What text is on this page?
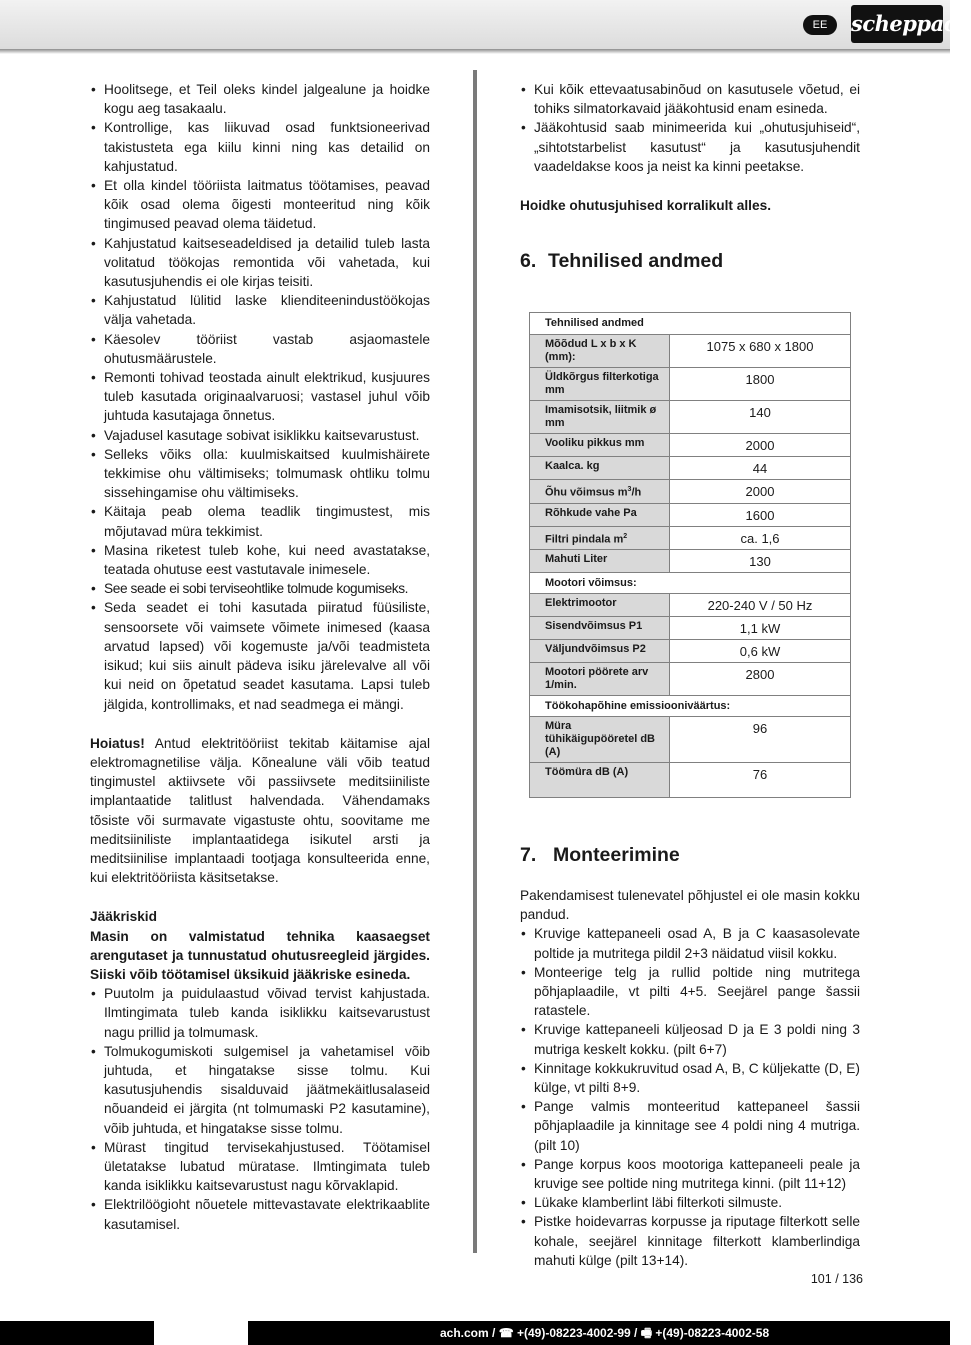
EE	scheppach
• Hoolitsege, et Teil oleks kindel jalgealune ja hoidke kogu aeg tasakaalu.
• Kontrollige, kas liikuvad osad funktsioneerivad takistusteta ega kiilu kinni ning kas detailid on kahjustatud.
• Et olla kindel tööriista laitmatus töötamises, peavad kõik osad olema õigesti monteeritud ning kõik tingimused peavad olema täidetud.
• Kahjustatud kaitseseadeldised ja detailid tuleb lasta volitatud töökojas remontida või vahetada, kui kasutusjuhendis ei ole kirjas teisiti.
• Kahjustatud lülitid laske klienditeenindustöökojas välja vahetada.
• Käesolev tööriist vastab asjaomastele ohutusmäärustele.
• Remonti tohivad teostada ainult elektrikud, kusjuures tuleb kasutada originaalvaruosi; vastasel juhul võib juhtuda kasutajaga õnnetus.
• Vajadusel kasutage sobivat isiklikku kaitsevarustust.
• Selleks võiks olla: kuulmiskaitsed kuulmishäirete tekkimise ohu vältimiseks; tolmumask ohtliku tolmu sissehingamise ohu vältimiseks.
• Käitaja peab olema teadlik tingimustest, mis mõjutavad müra tekkimist.
• Masina riketest tuleb kohe, kui need avastatakse, teatada ohutuse eest vastutavale inimesele.
• See seade ei sobi terviseohtlike tolmude kogumiseks.
• Seda seadet ei tohi kasutada piiratud füüsiliste, sensoorsete või vaimsete võimete inimesed (kaasa arvatud lapsed) või kogemuste ja/või teadmisteta isikud; kui siis ainult pädeva isiku järelevalve all või kui neid on õpetatud seadet kasutama. Lapsi tuleb jälgida, kontrollimaks, et nad seadmega ei mängi.

Hoiatus! Antud elektritööriist tekitab käitamise ajal elektromagnetilise välja. Kõnealune väli võib teatud tingimustel aktiivsete või passiivsete meditsiiniliste implantaatide talitlust halvendada. Vähendamaks tõsiste või surmavate vigastuste ohtu, soovitame me meditsiiniliste implantaatidega isikutel arsti ja meditsiinilise implantaadi tootjaga konsulteerida enne, kui elektritööriista käsitsetakse.

Jääkriskid

Masin on valmistatud tehnika kaasaegset arengutaset ja tunnustatud ohutusreegleid järgides. Siiski võib töötamisel üksikuid jääkriske esineda.

• Puutolm ja puidulaastud võivad tervist kahjustada. Ilmtingimata tuleb kanda isiklikku kaitsevarustust nagu prillid ja tolmumask.
• Tolmukogumiskoti sulgemisel ja vahetamisel võib juhtuda, et hingatakse sisse tolmu. Kui kasutusjuhendis sisalduvaid jäätmekäitlusalaseid nõuandeid ei järgita (nt tolmumaski P2 kasutamine), võib juhtuda, et hingatakse sisse tolmu.
• Mürast tingitud tervisekahjustused. Töötamisel ületatakse lubatud müratase. Ilmtingimata tuleb kanda isiklikku kaitsevarustust nagu kõrvaklapid.
• Elektrilöögioht nõuetele mittevastavate elektrikaablite kasutamisel.
• Kui kõik ettevaatusabinõud on kasutusele võetud, ei tohiks silmatorkavaid jääkohtusid enam esineda.
• Jääkohtusid saab minimeerida kui „ohutusjuhiseid“, „sihtotstarbelist kasutust“ ja kasutusjuhendit vaadeldakse koos ja neist ka kinni peetakse.

Hoidke ohutusjuhised korralikult alles.

6. Tehnilised andmed
Tehnilised andmed	
Mõõdud L x b x K (mm):	1075 x 680 x 1800
Üldkõrgus filterkotiga mm	1800
Imamisotsik, liitmik ø mm	140
Vooliku pikkus mm	2000
Kaalca. kg	44
Õhu võimsus $m^3/h$	2000
Rõhkude vahe Pa	1600
Filtri pindala $m^2$	ca. 1,6
Mahuti Liter	130
Mootori võimsus:	
Elektrimootor	220-240 V / 50 Hz
Sisendvõimsus P1	1,1 kW
Väljundvõimsus P2	0,6 kW
Mootori pöörete arv 1/min.	2800
Töökohapõhine emissiooniväärtus:	
Müra tühikäigupööretel dB (A)	96
Töömüra dB (A)	76
7. Monteerimine

Pakendamisest tulenevatel põhjustel ei ole masin kokku pandud.

• Kruvige kattepaneeli osad A, B ja C kaasasolevate poltide ja mutritega pildil 2+3 näidatud viisil kokku.
• Monteerige telg ja rullid poltide ning mutritega põhjaplaadile, vt pilti 4+5. Seejärel pange šassii ratastele.
• Kruvige kattepaneeli küljeosad D ja E 3 poldi ning 3 mutriga keskelt kokku. (pilt 6+7)
• Kinnitage kokkukruvitud osad A, B, C küljekatte (D, E) külge, vt pilti 8+9.
• Pange valmis monteeritud kattepaneel šassii põhjaplaadile ja kinnitage see 4 poldi ning 4 mutriga. (pilt 10)
• Pange korpus koos mootoriga kattepaneeli peale ja kruvige see poltide ning mutritega kinni. (pilt 11+12)
• Lükake klamberlint läbi filterkoti silmuste.
• Pistke hoidevarras korpusse ja riputage filterkott selle kohale, seejärel kinnitage filterkott klamberlindiga mahuti külge (pilt 13+14).
101 / 136
ach.com / ☎ +(49)-08223-4002-99 / 🖷 +(49)-08223-4002-58
